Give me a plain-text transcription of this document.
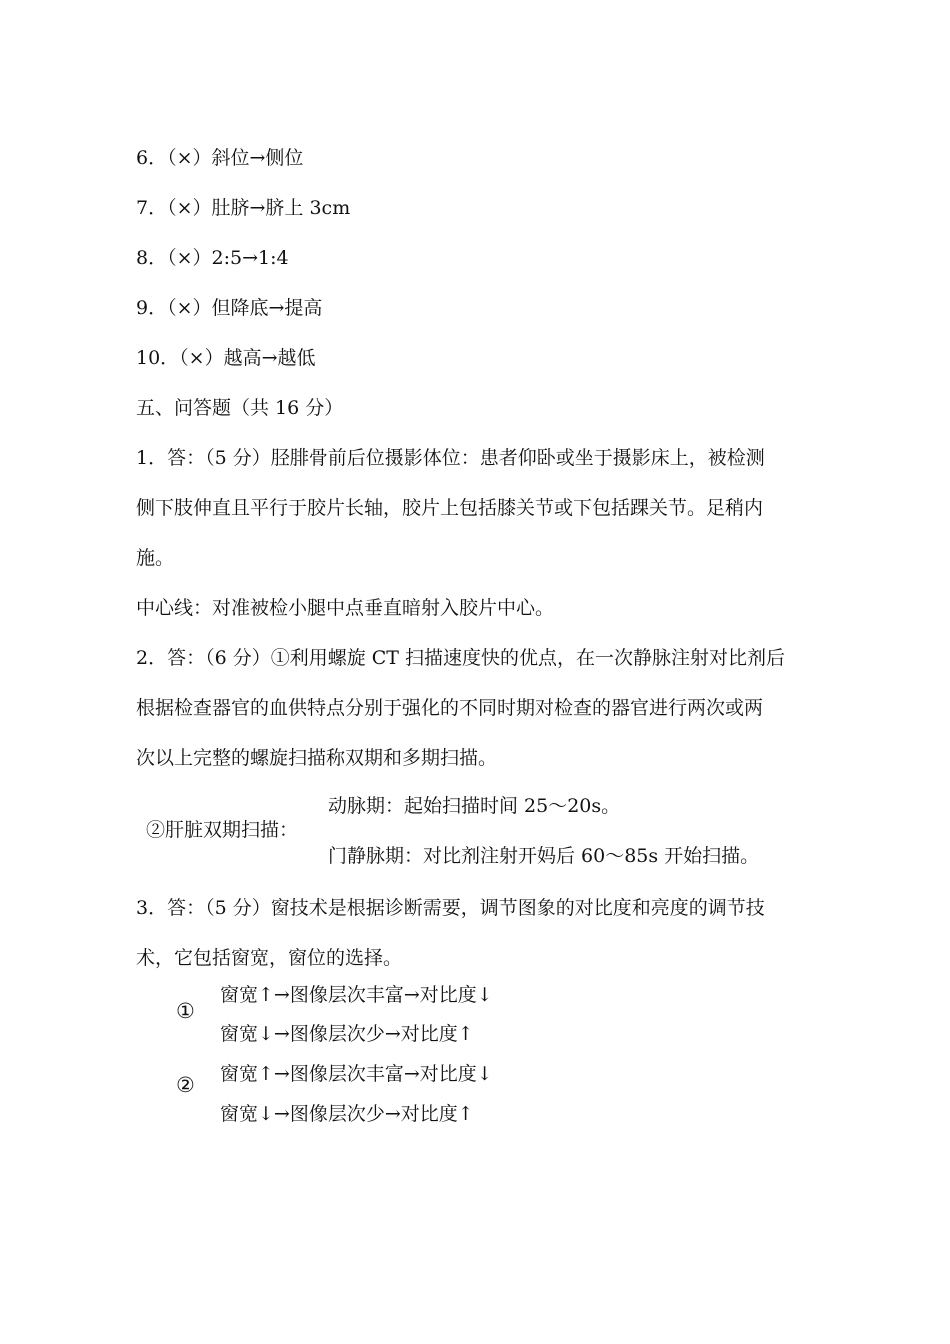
6．（×）斜位→侧位
7．（×）肚脐→脐上 3cm
8．（×）2:5→1:4
9．（×）但降底→提高
10．（×）越高→越低
五、问答题（共 16 分）
1．答：（5 分）胫腓骨前后位摄影体位：患者仰卧或坐于摄影床上，被检测
侧下肢伸直且平行于胶片长轴，胶片上包括膝关节或下包括踝关节。足稍内
施。
中心线：对准被检小腿中点垂直暗射入胶片中心。
2．答：（6 分）①利用螺旋 CT 扫描速度快的优点，在一次静脉注射对比剂后
根据检查器官的血供特点分别于强化的不同时期对检查的器官进行两次或两
次以上完整的螺旋扫描称双期和多期扫描。
②肝脏双期扫描：
动脉期：起始扫描时间 25～20s。
门静脉期：对比剂注射开妈后 60～85s 开始扫描。
3．答：（5 分）窗技术是根据诊断需要，调节图象的对比度和亮度的调节技
术，它包括窗宽，窗位的选择。
①
窗宽↑→图像层次丰富→对比度↓
窗宽↓→图像层次少→对比度↑
② 窗宽↑→图像层次丰富→对比度↓
窗宽↓→图像层次少→对比度↑
